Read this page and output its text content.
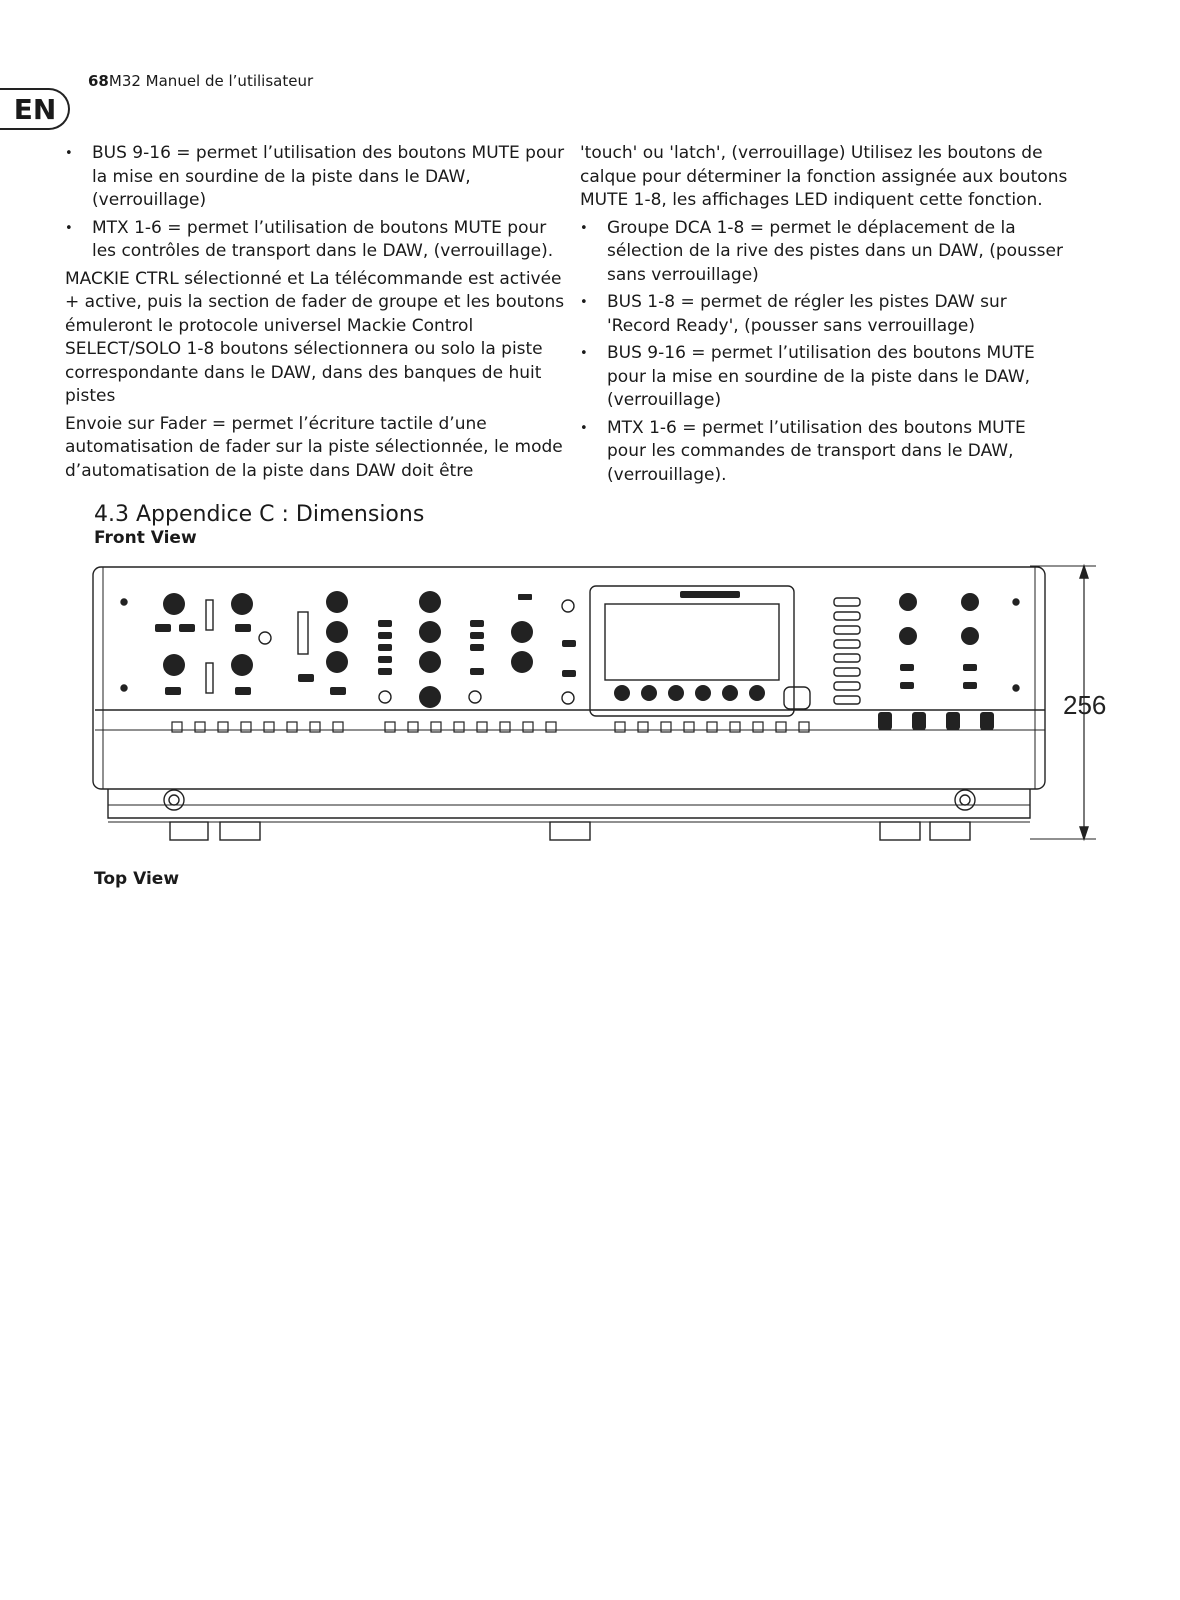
68M32 Manuel de l’utilisateur
EN
• BUS 9-16 = permet l’utilisation des boutons MUTE pour la mise en sourdine de la piste dans le DAW, (verrouillage)
• MTX 1-6 = permet l’utilisation de boutons MUTE pour les contrôles de transport dans le DAW, (verrouillage).

MACKIE CTRL sélectionné et La télécommande est activée + active, puis la section de fader de groupe et les boutons émuleront le protocole universel Mackie Control SELECT/SOLO 1-8 boutons sélectionnera ou solo la piste correspondante dans le DAW, dans des banques de huit pistes

Envoie sur Fader = permet l’écriture tactile d’une automatisation de fader sur la piste sélectionnée, le mode d’automatisation de la piste dans DAW doit être

'touch' ou 'latch', (verrouillage) Utilisez les boutons de calque pour déterminer la fonction assignée aux boutons MUTE 1-8, les affichages LED indiquent cette fonction.

• Groupe DCA 1-8 = permet le déplacement de la sélection de la rive des pistes dans un DAW, (pousser sans verrouillage)
• BUS 1-8 = permet de régler les pistes DAW sur 'Record Ready', (pousser sans verrouillage)
• BUS 9-16 = permet l’utilisation des boutons MUTE pour la mise en sourdine de la piste dans le DAW, (verrouillage)
• MTX 1-6 = permet l’utilisation des boutons MUTE pour les commandes de transport dans le DAW, (verrouillage).
4.3 Appendice C : Dimensions
Front View
256
Top View
